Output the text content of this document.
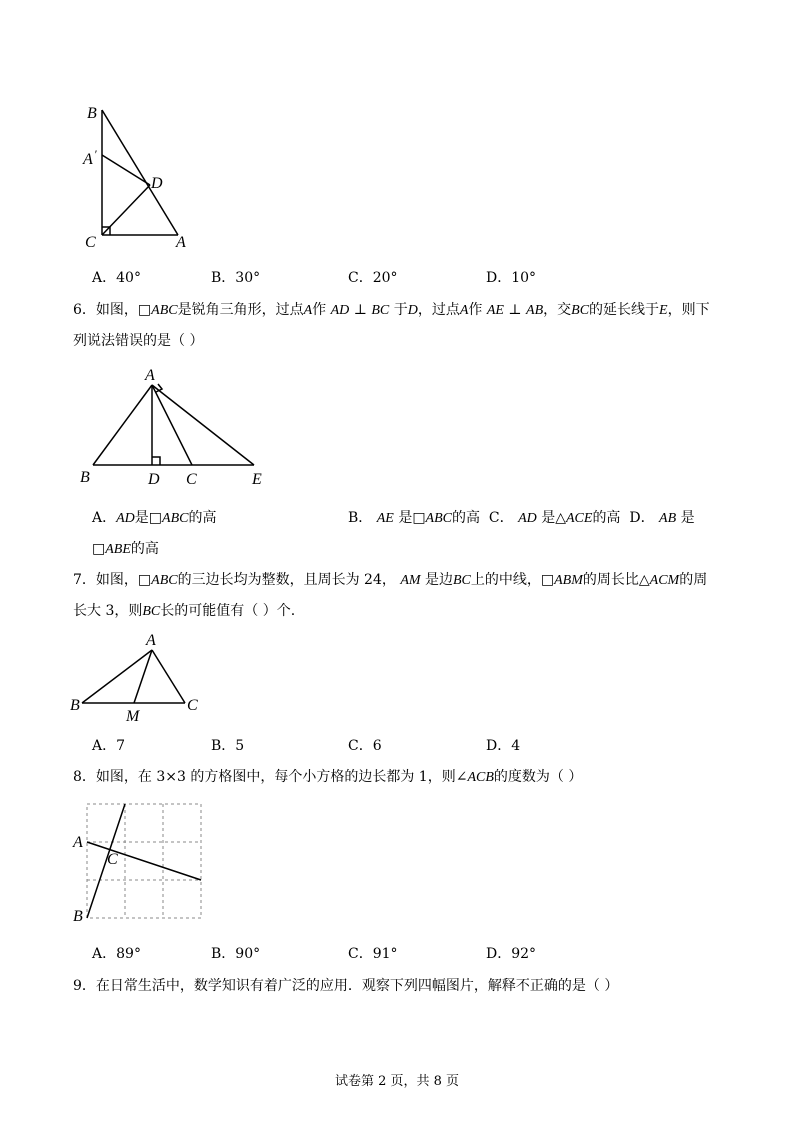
B
A ′
D
C	A
A．40°	B．30°	C．20°	D．10°
6．如图，□ABC是锐角三角形，过点A作 AD ⊥ BC 于D，过点A作 AE ⊥ AB，交BC的延长线于E，则下
列说法错误的是（ ）
A
B	D C	E
A．AD是□ABC的高	B． AE 是□ABC的高 C． AD 是△ACE的高 D． AB 是
□ABE的高
7．如图，□ABC的三边长均为整数，且周长为 24， AM 是边BC上的中线，□ABM的周长比△ACM的周
长大 3，则BC长的可能值有（ ）个.
A
B
M
C
A．7	B．5	C．6	D．4
8．如图，在 3×3 的方格图中，每个小方格的边长都为 1，则∠ACB的度数为（ ）
A
C
B
A．89°	B．90°	C．91°	D．92°
9．在日常生活中，数学知识有着广泛的应用．观察下列四幅图片，解释不正确的是（ ）
试卷第 2 页，共 8 页
